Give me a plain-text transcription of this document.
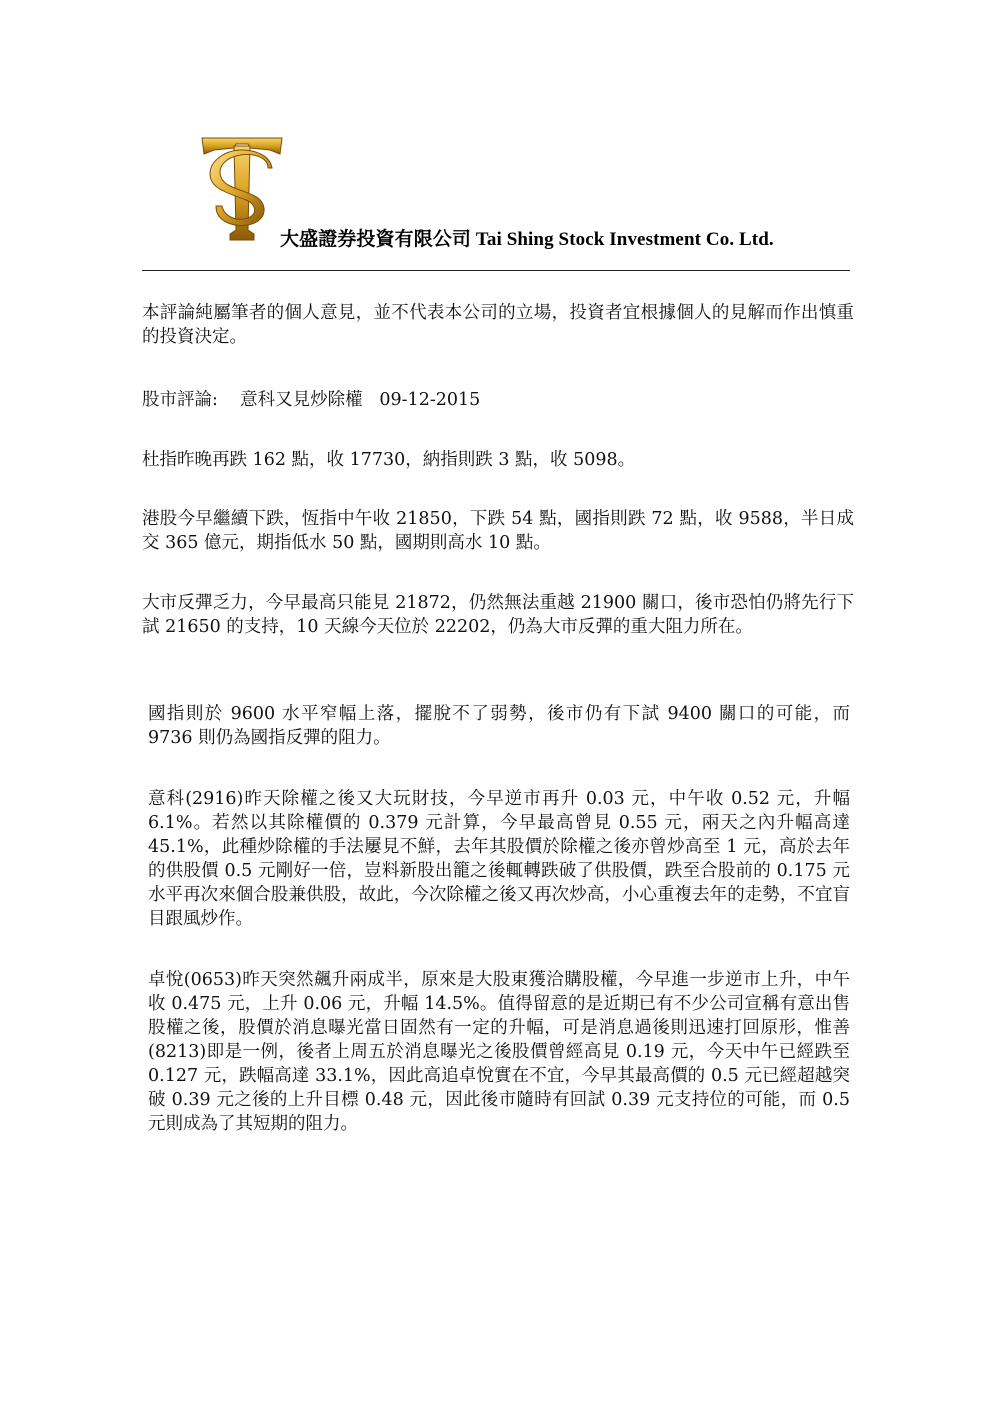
大盛證券投資有限公司 Tai Shing Stock Investment Co. Ltd.
本評論純屬筆者的個人意見，並不代表本公司的立場，投資者宜根據個人的見解而作出慎重的投資決定。
股市評論: 意科又見炒除權 09-12-2015
杜指昨晚再跌 162 點，收 17730，納指則跌 3 點，收 5098。
港股今早繼續下跌，恆指中午收 21850，下跌 54 點，國指則跌 72 點，收 9588，半日成交 365 億元，期指低水 50 點，國期則高水 10 點。
大市反彈乏力，今早最高只能見 21872，仍然無法重越 21900 關口，後市恐怕仍將先行下試 21650 的支持，10 天線今天位於 22202，仍為大市反彈的重大阻力所在。
國指則於 9600 水平窄幅上落，擺脫不了弱勢，後市仍有下試 9400 關口的可能，而 9736 則仍為國指反彈的阻力。
意科(2916)昨天除權之後又大玩財技，今早逆市再升 0.03 元，中午收 0.52 元，升幅 6.1%。若然以其除權價的 0.379 元計算，今早最高曾見 0.55 元，兩天之內升幅高達 45.1%，此種炒除權的手法屢見不鮮，去年其股價於除權之後亦曾炒高至 1 元，高於去年的供股價 0.5 元剛好一倍，豈料新股出籠之後輒轉跌破了供股價，跌至合股前的 0.175 元水平再次來個合股兼供股，故此，今次除權之後又再次炒高，小心重複去年的走勢，不宜盲目跟風炒作。
卓悅(0653)昨天突然飆升兩成半，原來是大股東獲洽購股權，今早進一步逆市上升，中午收 0.475 元，上升 0.06 元，升幅 14.5%。值得留意的是近期已有不少公司宣稱有意出售股權之後，股價於消息曝光當日固然有一定的升幅，可是消息過後則迅速打回原形，惟善(8213)即是一例，後者上周五於消息曝光之後股價曾經高見 0.19 元，今天中午已經跌至 0.127 元，跌幅高達 33.1%，因此高追卓悅實在不宜，今早其最高價的 0.5 元已經超越突破 0.39 元之後的上升目標 0.48 元，因此後市隨時有回試 0.39 元支持位的可能，而 0.5 元則成為了其短期的阻力。
